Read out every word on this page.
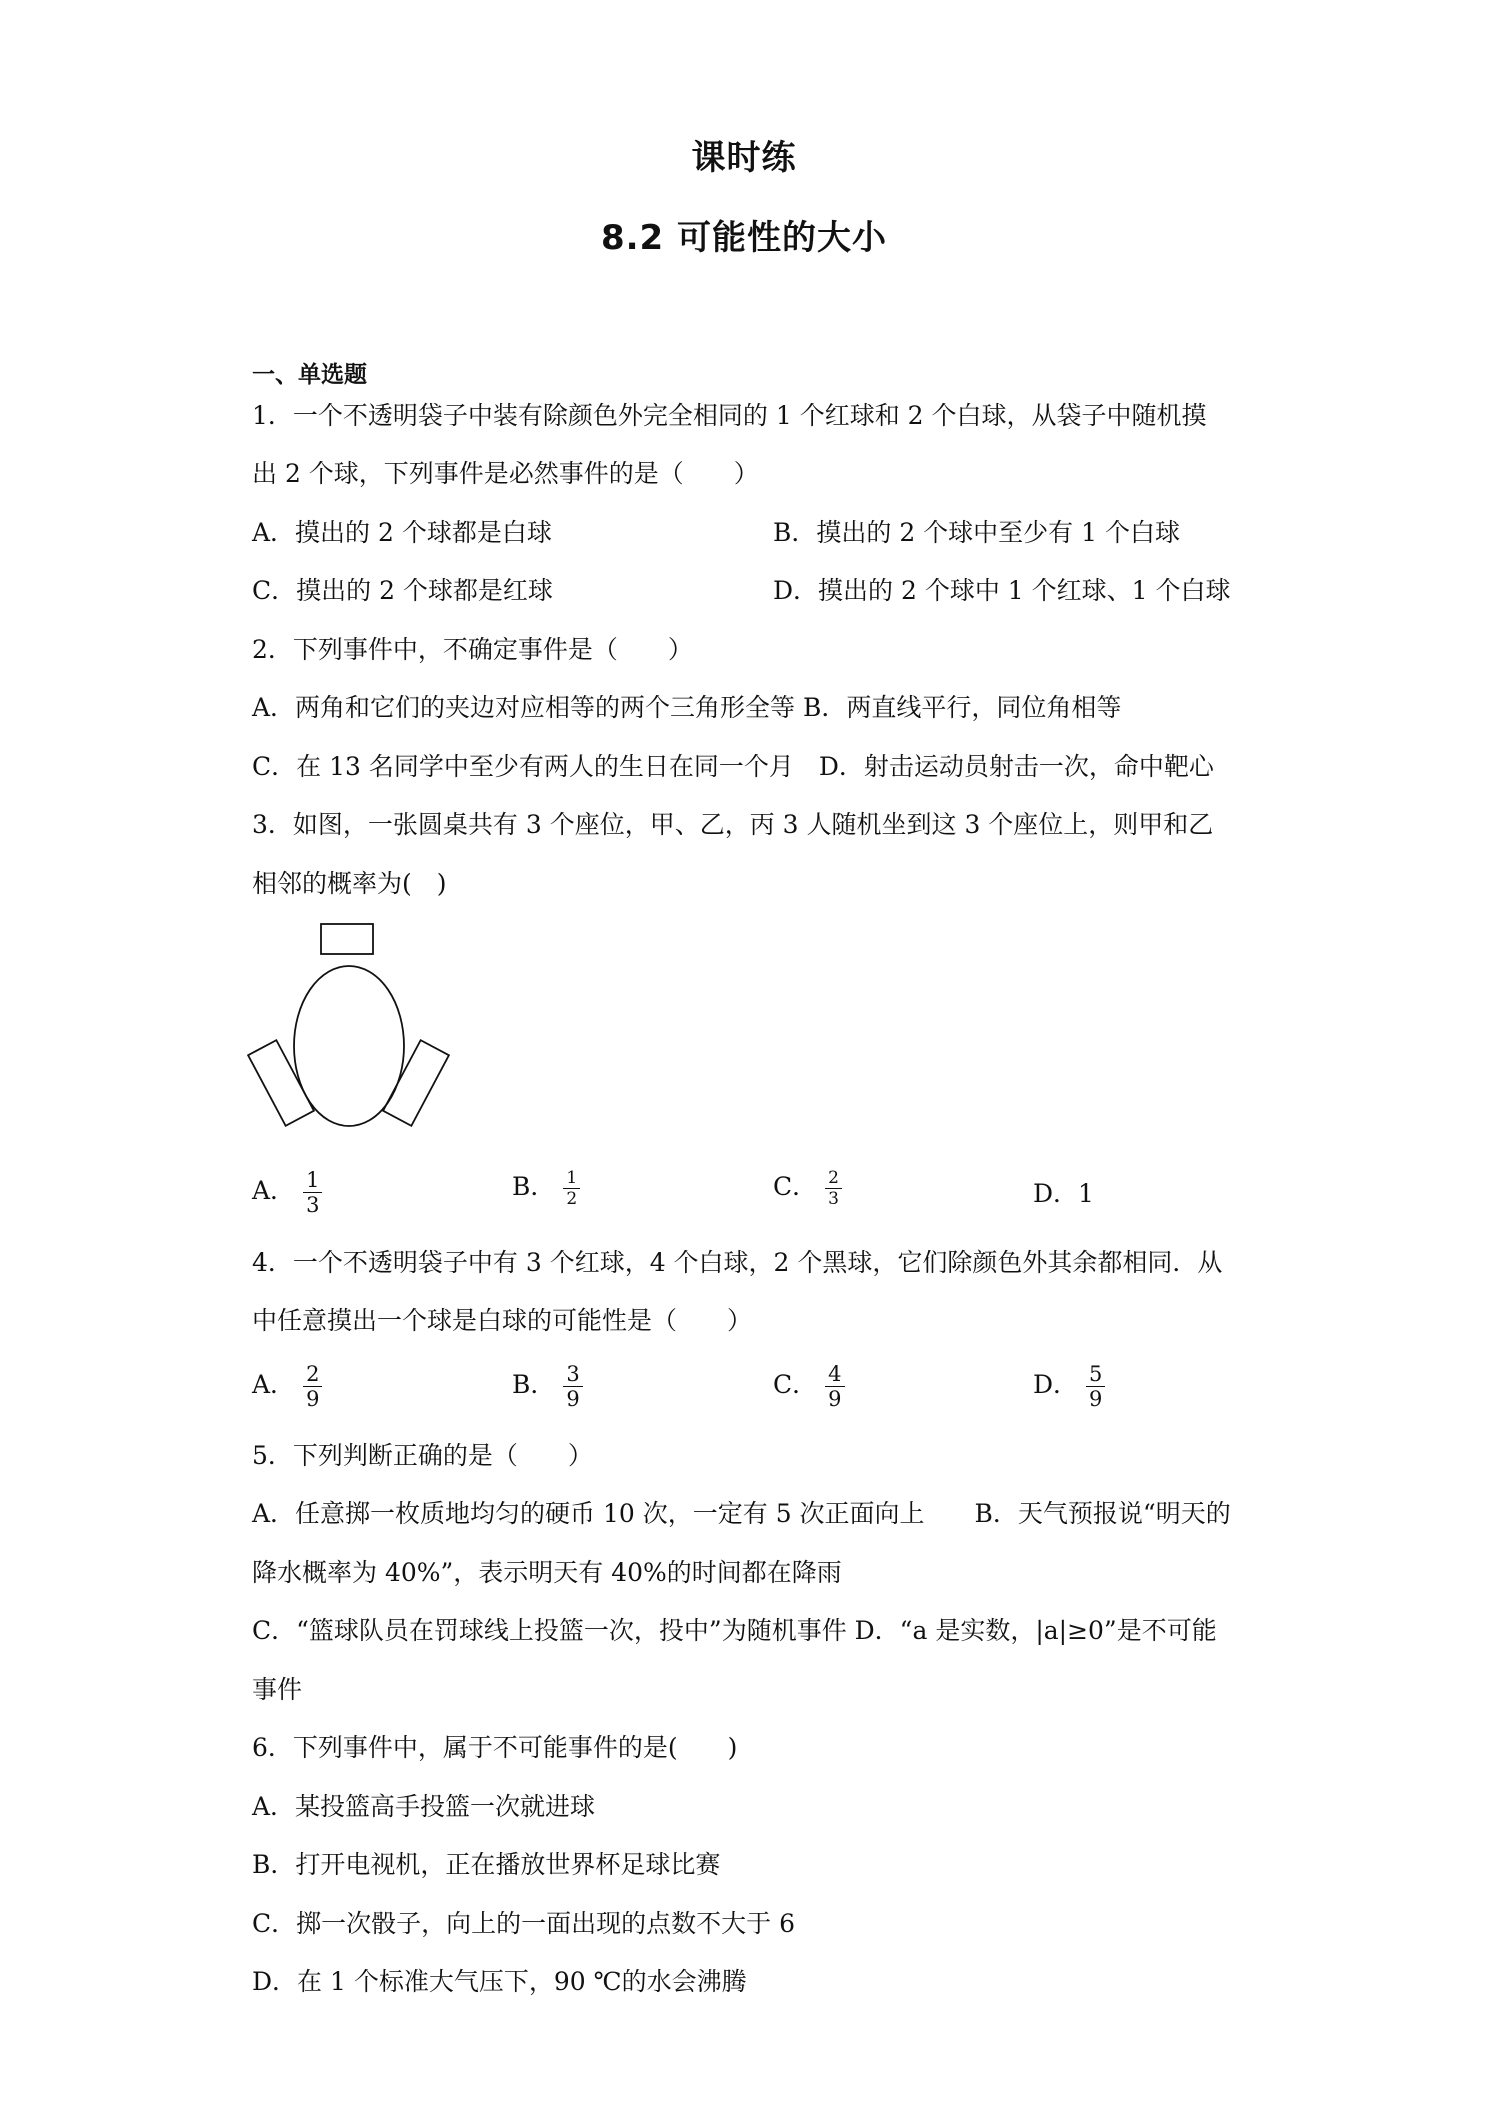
课时练
8.2 可能性的大小
一、单选题
1．一个不透明袋子中装有除颜色外完全相同的 1 个红球和 2 个白球，从袋子中随机摸
出 2 个球，下列事件是必然事件的是（　　）
A．摸出的 2 个球都是白球	B．摸出的 2 个球中至少有 1 个白球
C．摸出的 2 个球都是红球	D．摸出的 2 个球中 1 个红球、1 个白球
2．下列事件中，不确定事件是（　　）
A．两角和它们的夹边对应相等的两个三角形全等 B．两直线平行，同位角相等
C．在 13 名同学中至少有两人的生日在同一个月　D．射击运动员射击一次，命中靶心
3．如图，一张圆桌共有 3 个座位，甲、乙，丙 3 人随机坐到这 3 个座位上，则甲和乙
相邻的概率为(　)
A． $\frac{1}{3}$	B． $\frac{1}{2}$	C． $\frac{2}{3}$	D．1
4．一个不透明袋子中有 3 个红球，4 个白球，2 个黑球，它们除颜色外其余都相同．从
中任意摸出一个球是白球的可能性是（　　）
A． $\frac{2}{9}$	B． $\frac{3}{9}$	C． $\frac{4}{9}$	D． $\frac{5}{9}$
5．下列判断正确的是（　　）
A．任意掷一枚质地均匀的硬币 10 次，一定有 5 次正面向上　　B．天气预报说“明天的
降水概率为 40%”，表示明天有 40%的时间都在降雨
C．“篮球队员在罚球线上投篮一次，投中”为随机事件 D．“a 是实数，|a|≥0”是不可能
事件
6．下列事件中，属于不可能事件的是(　　)
A．某投篮高手投篮一次就进球
B．打开电视机，正在播放世界杯足球比赛
C．掷一次骰子，向上的一面出现的点数不大于 6
D．在 1 个标准大气压下，90 ℃的水会沸腾
